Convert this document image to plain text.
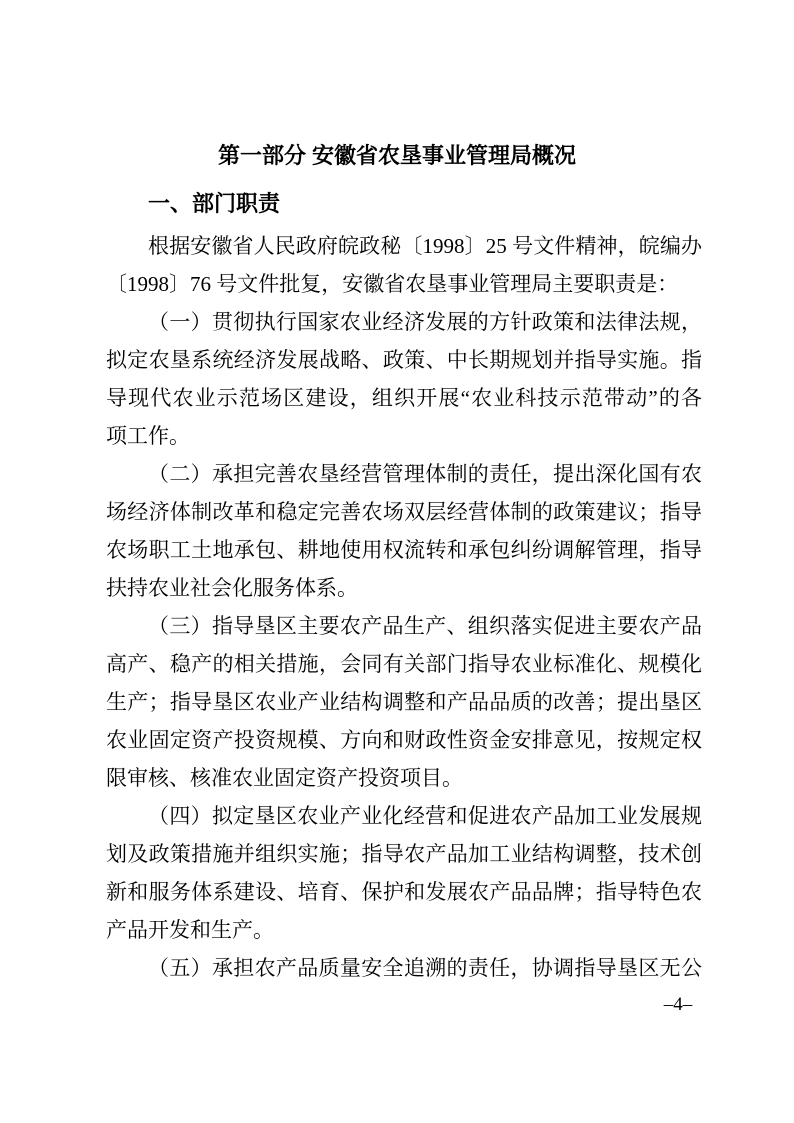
第一部分 安徽省农垦事业管理局概况
一、部门职责
根据安徽省人民政府皖政秘〔1998〕25 号文件精神，皖编办
〔1998〕76 号文件批复，安徽省农垦事业管理局主要职责是：
（一）贯彻执行国家农业经济发展的方针政策和法律法规，
拟定农垦系统经济发展战略、政策、中长期规划并指导实施。指
导现代农业示范场区建设，组织开展“农业科技示范带动”的各
项工作。
（二）承担完善农垦经营管理体制的责任，提出深化国有农
场经济体制改革和稳定完善农场双层经营体制的政策建议；指导
农场职工土地承包、耕地使用权流转和承包纠纷调解管理，指导
扶持农业社会化服务体系。
（三）指导垦区主要农产品生产、组织落实促进主要农产品
高产、稳产的相关措施，会同有关部门指导农业标准化、规模化
生产；指导垦区农业产业结构调整和产品品质的改善；提出垦区
农业固定资产投资规模、方向和财政性资金安排意见，按规定权
限审核、核准农业固定资产投资项目。
（四）拟定垦区农业产业化经营和促进农产品加工业发展规
划及政策措施并组织实施；指导农产品加工业结构调整，技术创
新和服务体系建设、培育、保护和发展农产品品牌；指导特色农
产品开发和生产。
（五）承担农产品质量安全追溯的责任，协调指导垦区无公
–4–
